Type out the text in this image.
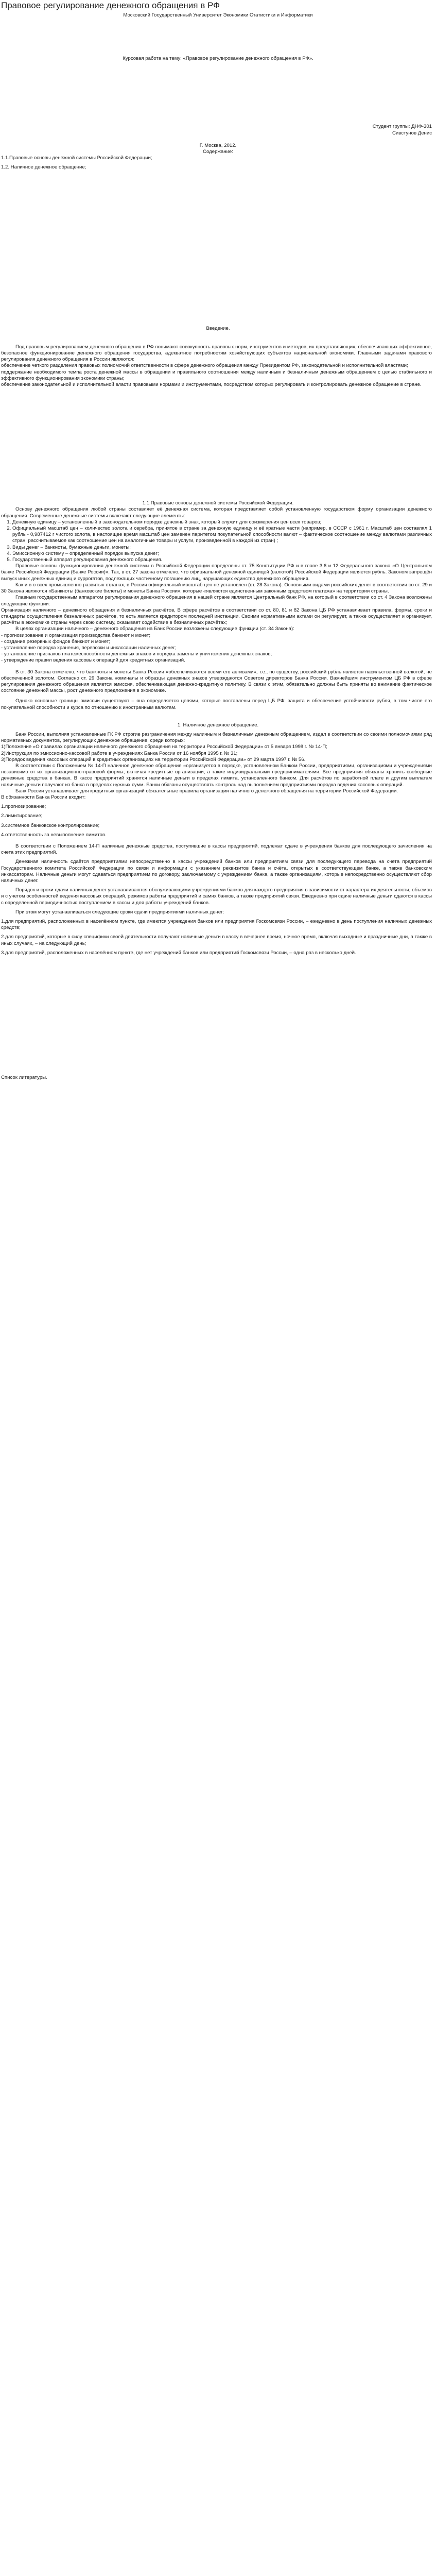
Правовое регулирование денежного обращения в РФ

Московский Государственный Университет Экономики Статистики и Информатики

Курсовая работа на тему: «Правовое регулирование денежного обращения в РФ».

Студент группы: ДНФ-301

Сивстунов Денис

Г. Москва, 2012.

Содержание:

1.1.Правовые основы денежной системы Российской Федерации;

1.2. Наличное денежное обращение;

Введение.

Под правовым регулированием денежного обращения в РФ понимают совокупность правовых норм, инструментов и методов, их представляющих, обеспечивающих эффективное, безопасное функционирование денежного обращения государства, адекватное потребностям хозяйствующих субъектов национальной экономики. Главными задачами правового регулирования денежного обращения в России являются:

обеспечение четкого разделения правовых полномочий ответственности в сфере денежного обращения между Президентом РФ, законодательной и исполнительной властями;

поддержание необходимого темпа роста денежной массы в обращении и правильного соотношения между наличным и безналичным денежным обращением с целью стабильного и эффективного функционирования экономики страны;

обеспечение законодательной и исполнительной власти правовыми нормами и инструментами, посредством которых регулировать и контролировать денежное обращение в стране.

1.1.Правовые основы денежной системы Российской Федерации.

Основу денежного обращения любой страны составляет её денежная система, которая представляет собой установленную государством форму организации денежного обращения. Современные денежные системы включают следующие элементы:

1. Денежную единицу – установленный в законодательном порядке денежный знак, который служит для соизмерения цен всех товаров;
2. Официальный масштаб цен – количество золота и серебра, принятое в стране за денежную единицу и её кратные части (например, в СССР с 1961 г. Масштаб цен составлял 1 рубль - 0,987412 г чистого золота, в настоящее время масштаб цен заменен паритетом покупательной способности валют – фактическое соотношение между валютами различных стран, рассчитываемое как соотношение цен на аналогичные товары и услуги, произведенной в каждой из стран) ;
3. Виды денег – банкноты, бумажные деньги, монеты;
4. Эмиссионную систему – определенный порядок выпуска денег;
5. Государственный аппарат регулирования денежного обращения.

Правовые основы функционирования денежной системы в Российской Федерации определены ст. 75 Конституции РФ и в главе 3,6 и 12 Федерального закона «О Центральном банке Российской Федерации (Банке России)». Так, в ст. 27 закона отмечено, что официальной денежной единицей (валютой) Российской Федерации является рубль. Законом запрещён выпуск иных денежных единиц и суррогатов, подлежащих частичному погашению лиц, нарушающих единство денежного обращения.

Как и в о всех промышленно развитых странах, в России официальный масштаб цен не установлен (ст. 28 Закона). Основными видами российских денег в соответствии со ст. 29 и 30 Закона являются «Банкноты (банковские билеты) и монеты Банка России», которые «являются единственным законным средством платежа» на территории страны.

Главным государственным аппаратом регулирования денежного обращения в нашей стране является Центральный банк РФ, на который в соответствии со ст. 4 Закона возложены следующие функции:

Организация наличного – денежного обращения и безналичных расчётов, В сфере расчётов в соответствии со ст. 80, 81 и 82 Закона ЦБ РФ устанавливает правила, формы, сроки и стандарты осуществления безналичных расчётов, то есть является кредитором последней инстанции. Своими нормативными актами он регулирует, а также осуществляет и организует, расчёты в экономике страны через свою систему, оказывает содействие в безналичных расчётах;

В целях организации наличного – денежного обращения на Банк России возложены следующие функции (ст. 34 Закона):

- прогнозирование и организация производства банкнот и монет;

- создание резервных фондов банкнот и монет;

- установление порядка хранения, перевозки и инкассации наличных денег;

- установление признаков платежеспособности денежных знаков и порядка замены и уничтожения денежных знаков;

- утверждение правил ведения кассовых операций для кредитных организаций.

В ст. 30 Закона отмечено, что банкноты и монеты Банка России «обеспечиваются всеми его активами», т.е., по существу, российский рубль является насильственной валютой, не обеспеченной золотом. Согласно ст. 29 Закона номиналы и образцы денежных знаков утверждаются Советом директоров Банка России. Важнейшим инструментом ЦБ РФ в сфере регулирования денежного обращения является эмиссия, обеспечивающая денежно-кредитную политику. В связи с этим, обязательно должны быть приняты во внимание фактическое состояние денежной массы, рост денежного предложения в экономике.

Однако основные границы эмиссии существуют – она определяется целями, которые поставлены перед ЦБ РФ: защита и обеспечение устойчивости рубля, в том числе его покупательной способности и курса по отношению к иностранным валютам.

1. Наличное денежное обращение.

Банк России, выполняя установленные ГК РФ строгие разграничения между наличным и безналичным денежным обращением, издал в соответствии со своими полномочиями ряд нормативных документов, регулирующих денежное обращение, среди которых:

1)Положение «О правилах организации наличного денежного обращения на территории Российской Федерации» от 5 января 1998 г. № 14-П;

2)Инструкция по эмиссионно-кассовой работе в учреждениях Банка России от 16 ноября 1995 г. № 31;

3)Порядок ведения кассовых операций в кредитных организациях на территории Российской Федерации» от 29 марта 1997 г. № 56.

В соответствии с Положением № 14-П наличное денежное обращение «организуется в порядке, установленном Банком России, предприятиями, организациями и учреждениями независимо от их организационно-правовой формы, включая кредитные организации, а также индивидуальными предпринимателями. Все предприятия обязаны хранить свободные денежные средства в банках. В кассе предприятий хранятся наличные деньги в пределах лимита, установленного банком. Для расчётов по заработной плате и другим выплатам наличные деньги получают из банка в пределах нужных сумм. Банки обязаны осуществлять контроль над выполнением предприятиями порядка ведения кассовых операций.

Банк России устанавливает для кредитных организаций обязательные правила организации наличного денежного обращения на территории Российской Федерации.

В обязанности Банка России входит:

1.прогнозирование;

2.лимитирование;

3.системное банковское контролирование;

4.ответственность за невыполнение лимитов.

В соответствии с Положением 14-П наличные денежные средства, поступившие в кассы предприятий, подлежат сдаче в учреждения банков для последующего зачисления на счета этих предприятий.

Денежная наличность сдаётся предприятиями непосредственно в кассы учреждений банков или предприятиям связи для последующего перевода на счета предприятий Государственного комитета Российской Федерации по связи и информации с указанием реквизитов банка и счёта, открытых в соответствующем банке, а также банковским инкассаторам. Наличные деньги могут сдаваться предприятием по договору, заключаемому с учреждением банка, а также организациям, которые непосредственно осуществляют сбор наличных денег.

Порядок и сроки сдачи наличных денег устанавливаются обслуживающими учреждениями банков для каждого предприятия в зависимости от характера их деятельности, объемов и с учетом особенностей ведения кассовых операций, режимов работы предприятий и самих банков, а также предприятий связи. Ежедневно при сдаче наличные деньги сдаются в кассы с определенной периодичностью поступлением в кассы и для работы учреждений банков.

При этом могут устанавливаться следующие сроки сдачи предприятиями наличных денег:

1.для предприятий, расположенных в населённом пункте, где имеются учреждения банков или предприятия Госкомсвязи России, – ежедневно в день поступления наличных денежных средств;

2.для предприятий, которые в силу специфики своей деятельности получают наличные деньги в кассу в вечернее время, ночное время, включая выходные и праздничные дни, а также в иных случаях, – на следующий день;

3.для предприятий, расположенных в населённом пункте, где нет учреждений банков или предприятий Госкомсвязи России, – одна раз в несколько дней.

Список литературы.
